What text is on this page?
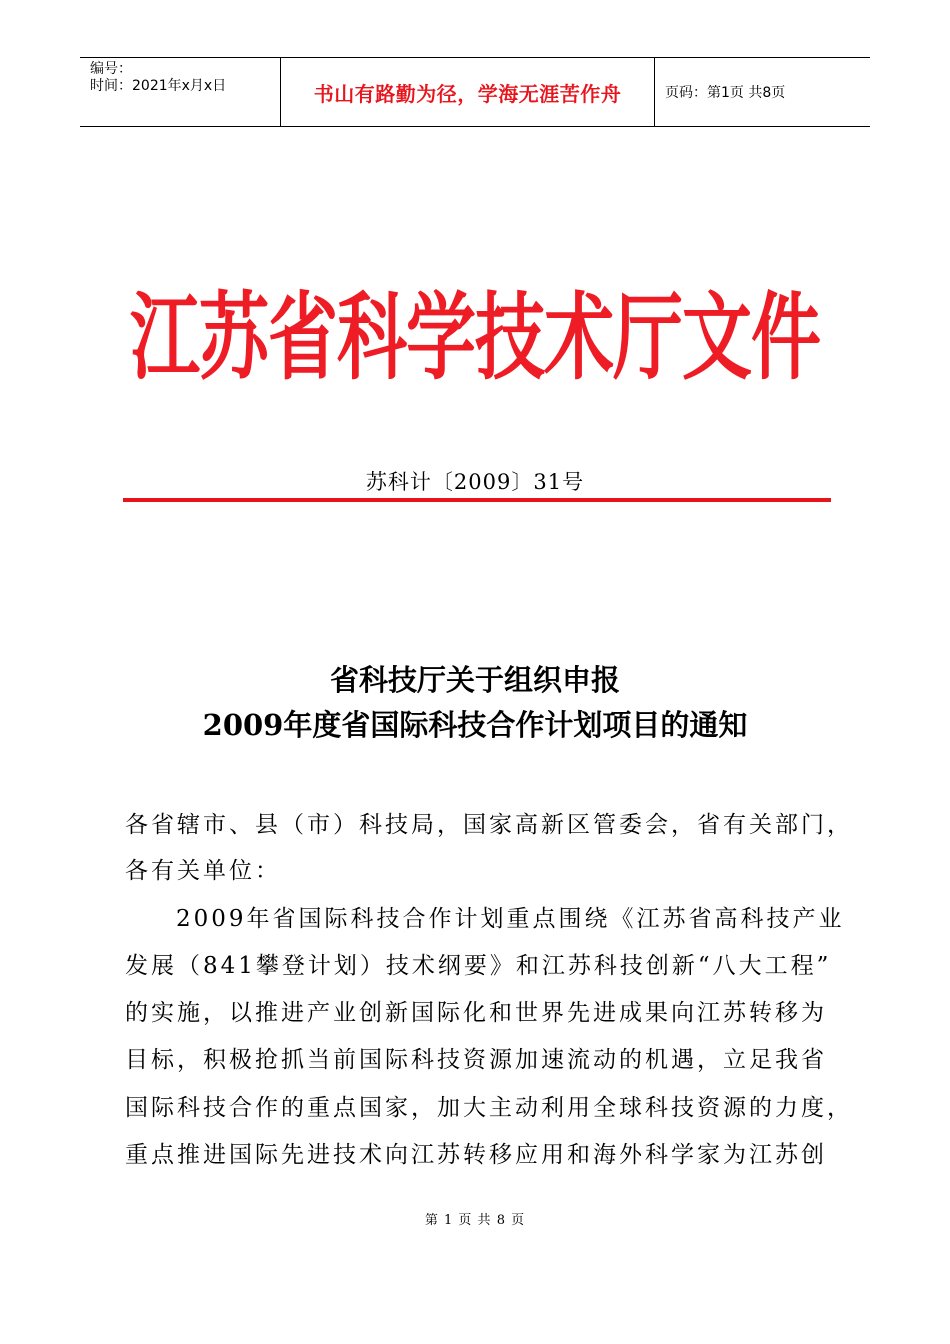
编号：
时间：2021年x月x日	书山有路勤为径，学海无涯苦作舟	页码：第1页 共8页
江苏省科学技术厅文件
苏科计〔2009〕31号
省科技厅关于组织申报
2009年度省国际科技合作计划项目的通知
各省辖市、县（市）科技局，国家高新区管委会，省有关部门，
各有关单位：
　2009年省国际科技合作计划重点围绕《江苏省高科技产业
发展（841攀登计划）技术纲要》和江苏科技创新“八大工程”
的实施，以推进产业创新国际化和世界先进成果向江苏转移为
目标，积极抢抓当前国际科技资源加速流动的机遇，立足我省
国际科技合作的重点国家，加大主动利用全球科技资源的力度，
重点推进国际先进技术向江苏转移应用和海外科学家为江苏创
第 1 页 共 8 页
